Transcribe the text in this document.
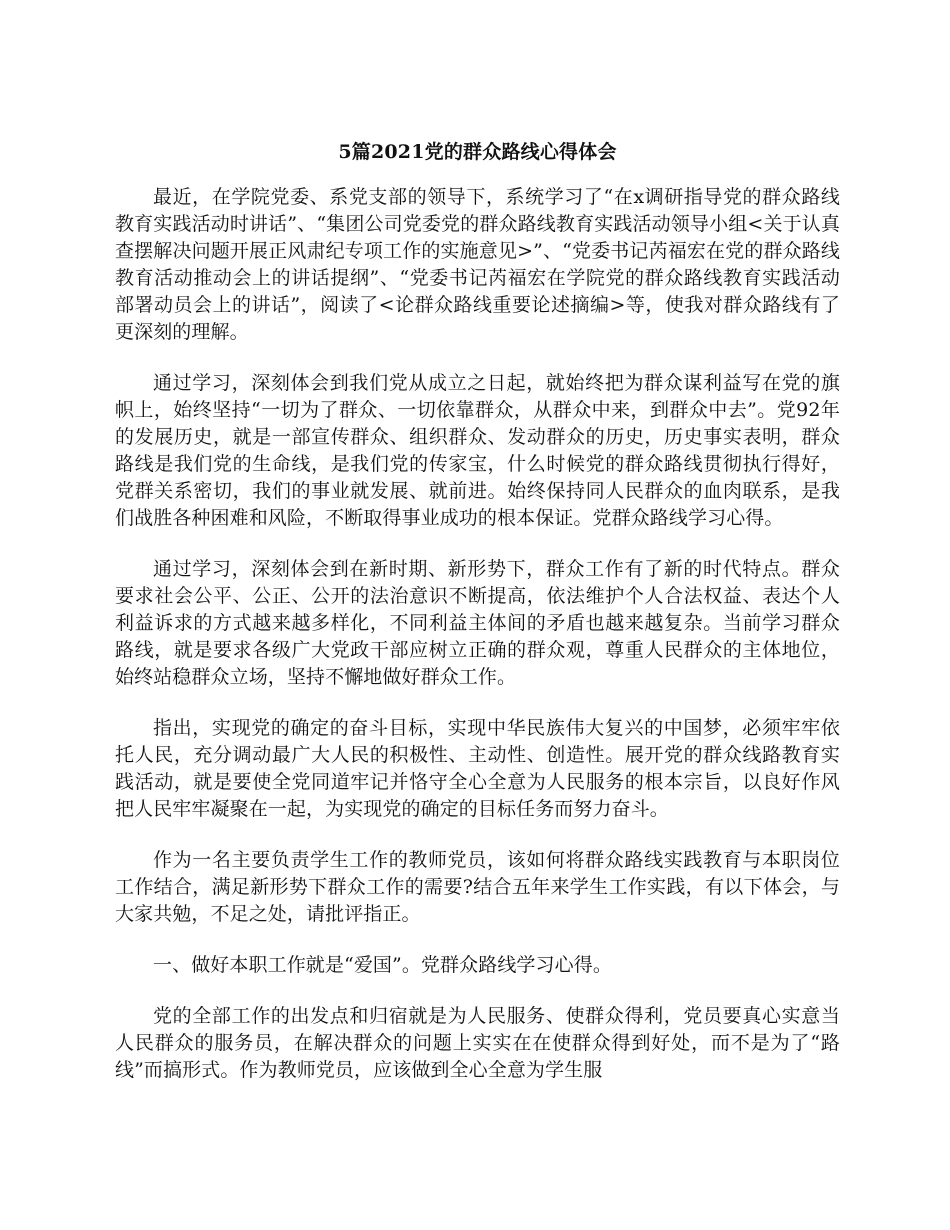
5篇2021党的群众路线心得体会

最近，在学院党委、系党支部的领导下，系统学习了“在x调研指导党的群众路线教育实践活动时讲话”、“集团公司党委党的群众路线教育实践活动领导小组<关于认真查摆解决问题开展正风肃纪专项工作的实施意见>”、“党委书记芮福宏在党的群众路线教育活动推动会上的讲话提纲”、“党委书记芮福宏在学院党的群众路线教育实践活动部署动员会上的讲话”，阅读了<论群众路线重要论述摘编>等，使我对群众路线有了更深刻的理解。

通过学习，深刻体会到我们党从成立之日起，就始终把为群众谋利益写在党的旗帜上，始终坚持“一切为了群众、一切依靠群众，从群众中来，到群众中去”。党92年的发展历史，就是一部宣传群众、组织群众、发动群众的历史，历史事实表明，群众路线是我们党的生命线，是我们党的传家宝，什么时候党的群众路线贯彻执行得好，党群关系密切，我们的事业就发展、就前进。始终保持同人民群众的血肉联系，是我们战胜各种困难和风险，不断取得事业成功的根本保证。党群众路线学习心得。

通过学习，深刻体会到在新时期、新形势下，群众工作有了新的时代特点。群众要求社会公平、公正、公开的法治意识不断提高，依法维护个人合法权益、表达个人利益诉求的方式越来越多样化，不同利益主体间的矛盾也越来越复杂。当前学习群众路线，就是要求各级广大党政干部应树立正确的群众观，尊重人民群众的主体地位，始终站稳群众立场，坚持不懈地做好群众工作。

指出，实现党的确定的奋斗目标，实现中华民族伟大复兴的中国梦，必须牢牢依托人民，充分调动最广大人民的积极性、主动性、创造性。展开党的群众线路教育实践活动，就是要使全党同道牢记并恪守全心全意为人民服务的根本宗旨，以良好作风把人民牢牢凝聚在一起，为实现党的确定的目标任务而努力奋斗。

作为一名主要负责学生工作的教师党员，该如何将群众路线实践教育与本职岗位工作结合，满足新形势下群众工作的需要?结合五年来学生工作实践，有以下体会，与大家共勉，不足之处，请批评指正。

一、做好本职工作就是“爱国”。党群众路线学习心得。

党的全部工作的出发点和归宿就是为人民服务、使群众得利，党员要真心实意当人民群众的服务员，在解决群众的问题上实实在在使群众得到好处，而不是为了“路线”而搞形式。作为教师党员，应该做到全心全意为学生服
